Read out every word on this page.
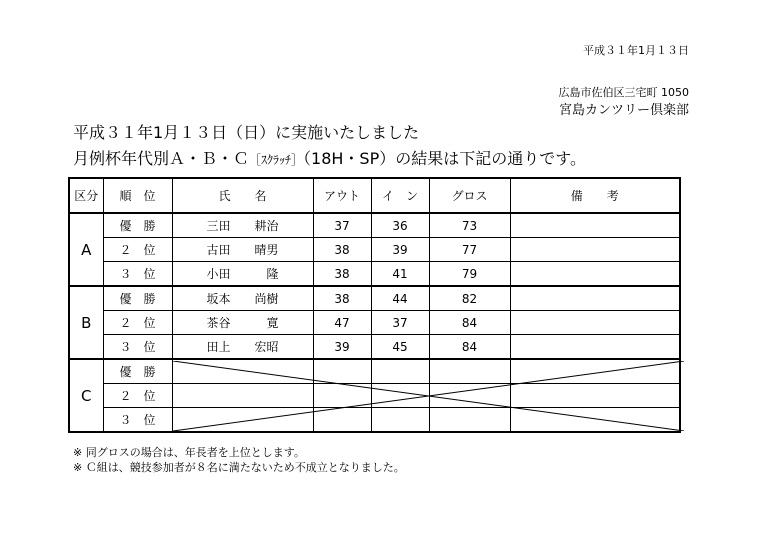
平成３１年1月１３日
広島市佐伯区三宅町 1050
宮島カンツリー倶楽部
平成３１年1月１３日（日）に実施いたしました
月例杯年代別Ａ・Ｂ・Ｃ［ｽｸﾗｯﾁ］（18H・SP）の結果は下記の通りです。
区分	順　位	氏　　名	アウト	イ　ン	グロス	備　　考
A	優　勝	三田　　耕治	37	36	73	
	２　位	古田　　晴男	38	39	77	
	３　位	小田　　　隆	38	41	79	
B	優　勝	坂本　　尚樹	38	44	82	
	２　位	茶谷　　　寛	47	37	84	
	３　位	田上　　宏昭	39	45	84	
C	優　勝					
	２　位					
	３　位					
※ 同グロスの場合は、年長者を上位とします。
※ Ｃ組は、競技参加者が８名に満たないため不成立となりました。
